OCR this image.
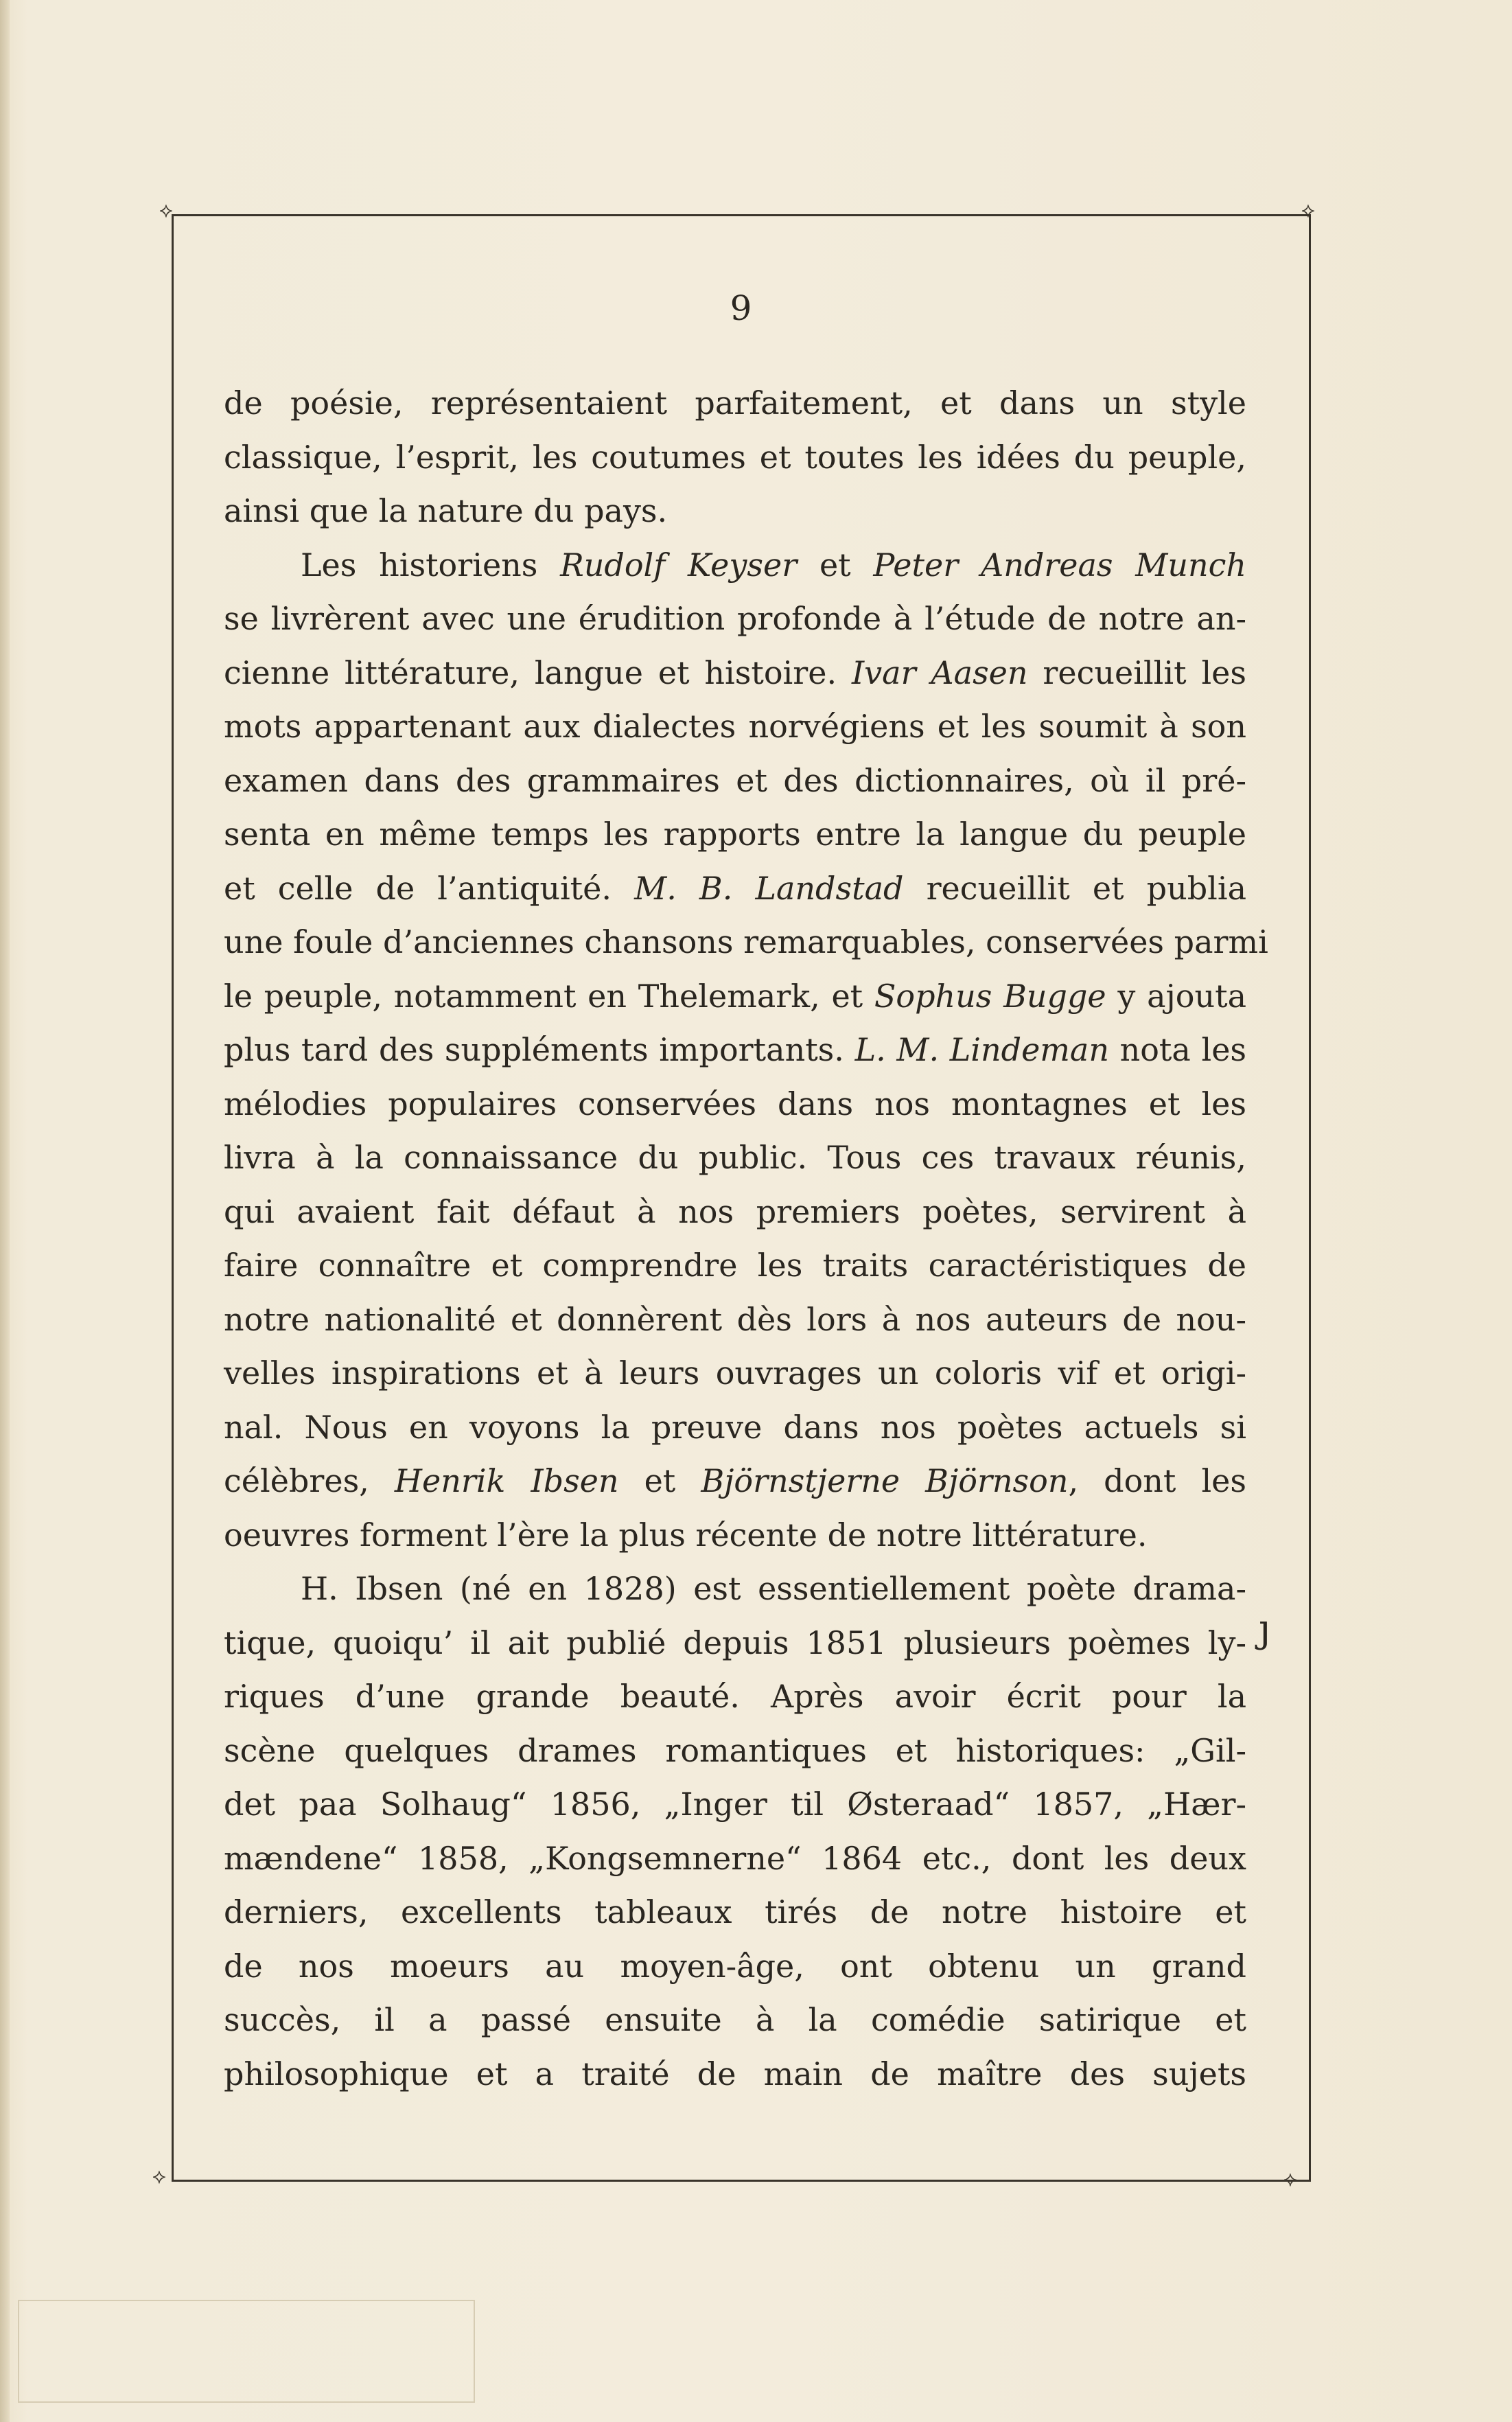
⟡	⟡
⟡	⟡
9
de poésie, représentaient parfaitement, et dans un style
classique, l’esprit, les coutumes et toutes les idées du peuple,
ainsi que la nature du pays.
Les historiens Rudolf Keyser et Peter Andreas Munch
se livrèrent avec une érudition profonde à l’étude de notre an-
cienne littérature, langue et histoire. Ivar Aasen recueillit les
mots appartenant aux dialectes norvégiens et les soumit à son
examen dans des grammaires et des dictionnaires, où il pré-
senta en même temps les rapports entre la langue du peuple
et celle de l’antiquité. M. B. Landstad recueillit et publia
une foule d’anciennes chansons remarquables, conservées parmi
le peuple, notamment en Thelemark, et Sophus Bugge y ajouta
plus tard des suppléments importants. L. M. Lindeman nota les
mélodies populaires conservées dans nos montagnes et les
livra à la connaissance du public. Tous ces travaux réunis,
qui avaient fait défaut à nos premiers poètes, servirent à
faire connaître et comprendre les traits caractéristiques de
notre nationalité et donnèrent dès lors à nos auteurs de nou-
velles inspirations et à leurs ouvrages un coloris vif et origi-
nal. Nous en voyons la preuve dans nos poètes actuels si
célèbres, Henrik Ibsen et Björnstjerne Björnson, dont les
oeuvres forment l’ère la plus récente de notre littérature.
H. Ibsen (né en 1828) est essentiellement poète drama-
tique, quoiqu’ il ait publié depuis 1851 plusieurs poèmes ly-
riques d’une grande beauté. Après avoir écrit pour la
scène quelques drames romantiques et historiques: „Gil-
det paa Solhaug“ 1856, „Inger til Østeraad“ 1857, „Hær-
mændene“ 1858, „Kongsemnerne“ 1864 etc., dont les deux
derniers, excellents tableaux tirés de notre histoire et
de nos moeurs au moyen-âge, ont obtenu un grand
succès, il a passé ensuite à la comédie satirique et
philosophique et a traité de main de maître des sujets
ȷ
